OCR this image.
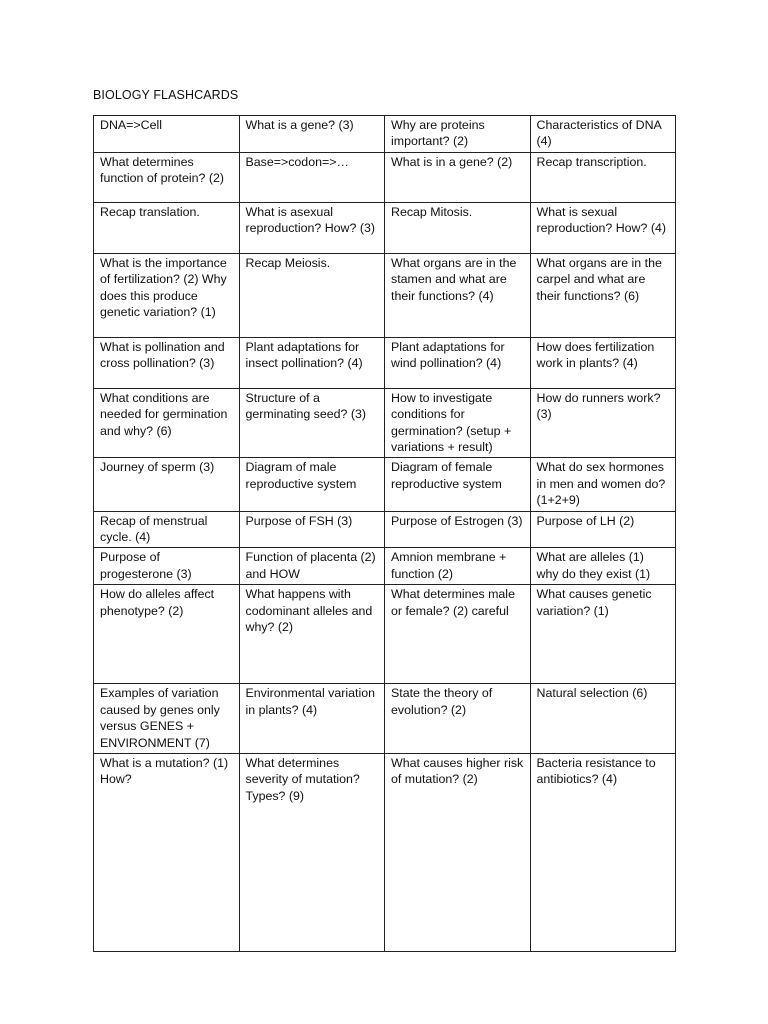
BIOLOGY FLASHCARDS
DNA=>Cell	What is a gene? (3)	Why are proteins important? (2)	Characteristics of DNA (4)
What determines function of protein? (2)	Base=>codon=>…	What is in a gene? (2)	Recap transcription.
Recap translation.	What is asexual reproduction? How? (3)	Recap Mitosis.	What is sexual reproduction? How? (4)
What is the importance of fertilization? (2) Why does this produce genetic variation? (1)	Recap Meiosis.	What organs are in the stamen and what are their functions? (4)	What organs are in the carpel and what are their functions? (6)
What is pollination and cross pollination? (3)	Plant adaptations for insect pollination? (4)	Plant adaptations for wind pollination? (4)	How does fertilization work in plants? (4)
What conditions are needed for germination and why? (6)	Structure of a germinating seed? (3)	How to investigate conditions for germination? (setup + variations + result)	How do runners work? (3)
Journey of sperm (3)	Diagram of male reproductive system	Diagram of female reproductive system	What do sex hormones in men and women do? (1+2+9)
Recap of menstrual cycle. (4)	Purpose of FSH (3)	Purpose of Estrogen (3)	Purpose of LH (2)
Purpose of progesterone (3)	Function of placenta (2) and HOW	Amnion membrane + function (2)	What are alleles (1) why do they exist (1)
How do alleles affect phenotype? (2)	What happens with codominant alleles and why? (2)	What determines male or female? (2) careful	What causes genetic variation? (1)
Examples of variation caused by genes only versus GENES + ENVIRONMENT (7)	Environmental variation in plants? (4)	State the theory of evolution? (2)	Natural selection (6)
What is a mutation? (1) How?	What determines severity of mutation? Types? (9)	What causes higher risk of mutation? (2)	Bacteria resistance to antibiotics? (4)
